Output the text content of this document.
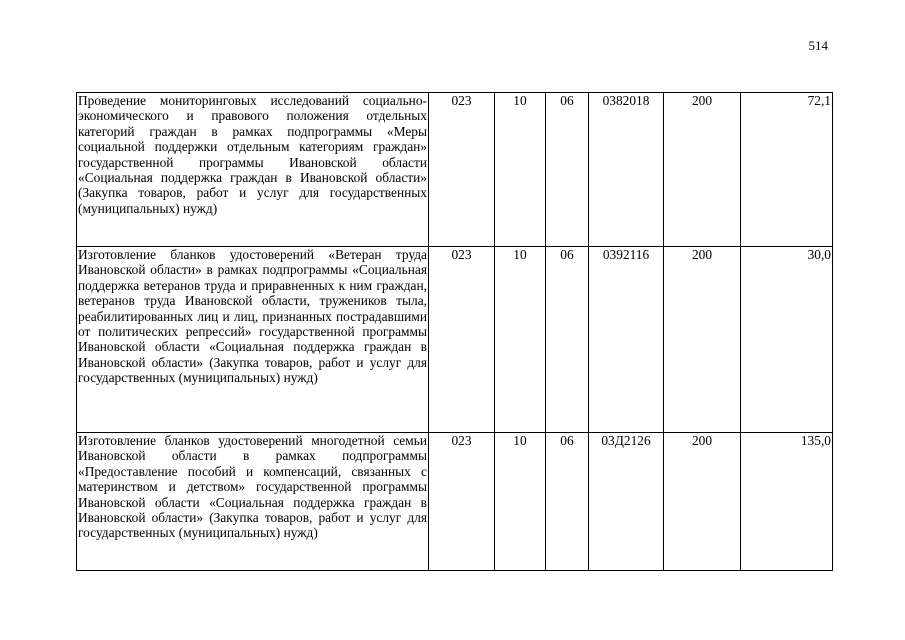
514
Проведение мониторинговых исследований социально-экономического и правового положения отдельных категорий граждан в рамках подпрограммы «Меры социальной поддержки отдельным категориям граждан» государственной программы Ивановской области «Социальная поддержка граждан в Ивановской области» (Закупка товаров, работ и услуг для государственных (муниципальных) нужд)	023	10	06	0382018	200	72,1
Изготовление бланков удостоверений «Ветеран труда Ивановской области» в рамках подпрограммы «Социальная поддержка ветеранов труда и приравненных к ним граждан, ветеранов труда Ивановской области, тружеников тыла, реабилитированных лиц и лиц, признанных пострадавшими от политических репрессий» государственной программы Ивановской области «Социальная поддержка граждан в Ивановской области» (Закупка товаров, работ и услуг для государственных (муниципальных) нужд)	023	10	06	0392116	200	30,0
Изготовление бланков удостоверений многодетной семьи Ивановской области в рамках подпрограммы «Предоставление пособий и компенсаций, связанных с материнством и детством» государственной программы Ивановской области «Социальная поддержка граждан в Ивановской области» (Закупка товаров, работ и услуг для государственных (муниципальных) нужд)	023	10	06	03Д2126	200	135,0
